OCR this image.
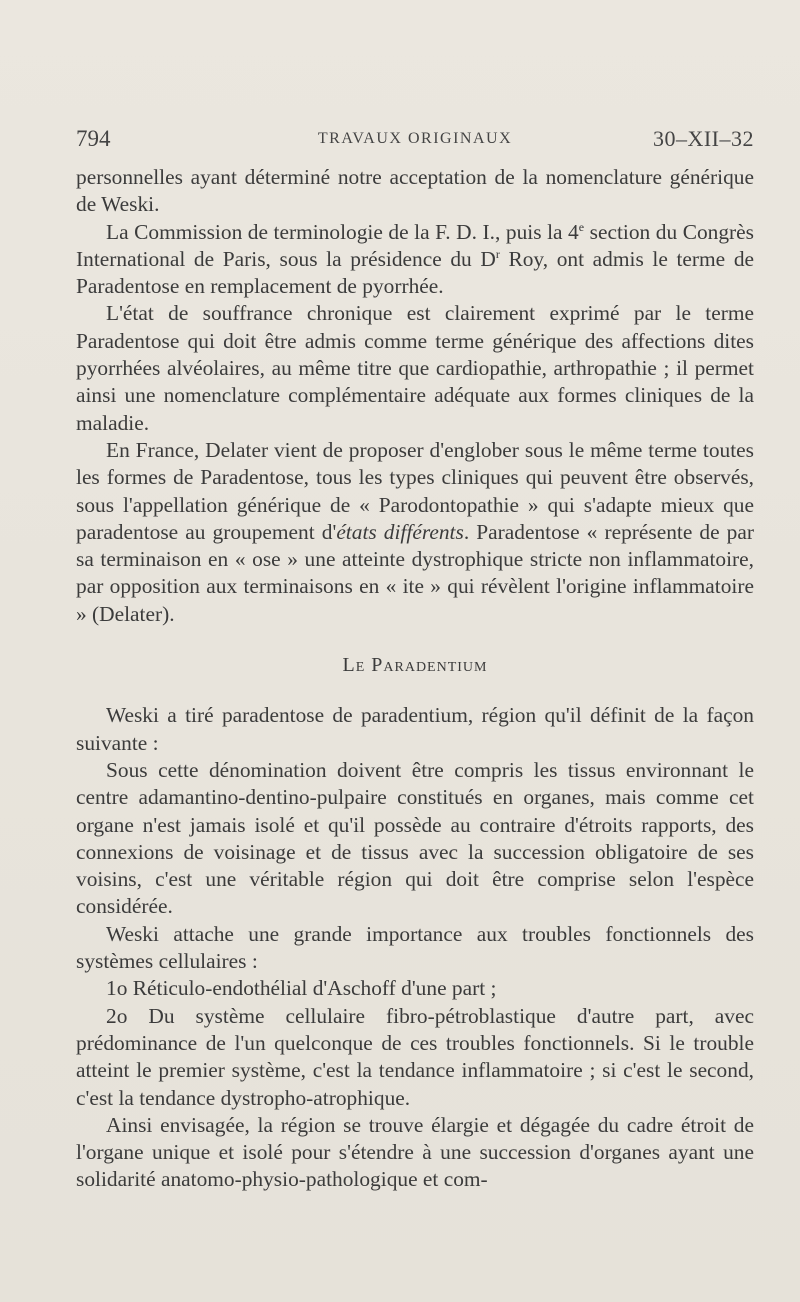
794	TRAVAUX ORIGINAUX	30–XII–32

personnelles ayant déterminé notre acceptation de la nomenclature générique de Weski.

La Commission de terminologie de la F. D. I., puis la 4e section du Congrès International de Paris, sous la présidence du $D^r$ Roy, ont admis le terme de Paradentose en remplacement de pyorrhée.

L'état de souffrance chronique est clairement exprimé par le terme Paradentose qui doit être admis comme terme générique des affections dites pyorrhées alvéolaires, au même titre que cardiopathie, arthropathie ; il permet ainsi une nomenclature complémentaire adéquate aux formes cliniques de la maladie.

En France, Delater vient de proposer d'englober sous le même terme toutes les formes de Paradentose, tous les types cliniques qui peuvent être observés, sous l'appellation générique de « Parodontopathie » qui s'adapte mieux que paradentose au groupement d'états différents. Paradentose « représente de par sa terminaison en « ose » une atteinte dystrophique stricte non inflammatoire, par opposition aux terminaisons en « ite » qui révèlent l'origine inflammatoire » (Delater).

Le Paradentium

Weski a tiré paradentose de paradentium, région qu'il définit de la façon suivante :

Sous cette dénomination doivent être compris les tissus environnant le centre adamantino-dentino-pulpaire constitués en organes, mais comme cet organe n'est jamais isolé et qu'il possède au contraire d'étroits rapports, des connexions de voisinage et de tissus avec la succession obligatoire de ses voisins, c'est une véritable région qui doit être comprise selon l'espèce considérée.

Weski attache une grande importance aux troubles fonctionnels des systèmes cellulaires :

1o Réticulo-endothélial d'Aschoff d'une part ;

2o Du système cellulaire fibro-pétroblastique d'autre part, avec prédominance de l'un quelconque de ces troubles fonctionnels. Si le trouble atteint le premier système, c'est la tendance inflammatoire ; si c'est le second, c'est la tendance dystropho-atrophique.

Ainsi envisagée, la région se trouve élargie et dégagée du cadre étroit de l'organe unique et isolé pour s'étendre à une succession d'organes ayant une solidarité anatomo-physio-pathologique et com-
